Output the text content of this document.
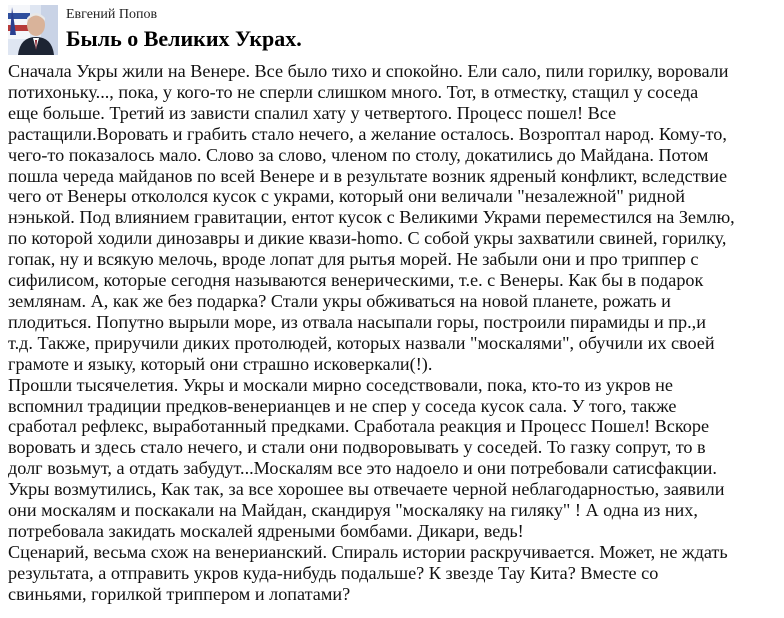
Евгений Попов
Быль о Великих Украх.
Сначала Укры жили на Венере. Все было тихо и спокойно. Ели сало, пили горилку, воровали
потихоньку..., пока, у кого-то не сперли слишком много. Тот, в отместку, стащил у соседа
еще больше. Третий из зависти спалил хату у четвертого. Процесс пошел! Все
растащили.Воровать и грабить стало нечего, а желание осталось. Возроптал народ. Кому-то,
чего-то показалось мало. Слово за слово, членом по столу, докатились до Майдана. Потом
пошла череда майданов по всей Венере и в результате возник ядреный конфликт, вследствие
чего от Венеры откололся кусок с украми, который они величали "незалежной" ридной
нэнькой. Под влиянием гравитации, ентот кусок с Великими Украми переместился на Землю,
по которой ходили динозавры и дикие квази-homo. С собой укры захватили свиней, горилку,
гопак, ну и всякую мелочь, вроде лопат для рытья морей. Не забыли они и про триппер с
сифилисом, которые сегодня называются венерическими, т.е. с Венеры. Как бы в подарок
землянам. А, как же без подарка? Стали укры обживаться на новой планете, рожать и
плодиться. Попутно вырыли море, из отвала насыпали горы, построили пирамиды и пр.,и
т.д. Также, приручили диких протолюдей, которых назвали "москалями", обучили их своей
грамоте и языку, который они страшно исковеркали(!).
Прошли тысячелетия. Укры и москали мирно соседствовали, пока, кто-то из укров не
вспомнил традиции предков-венерианцев и не спер у соседа кусок сала. У того, также
сработал рефлекс, выработанный предками. Сработала реакция и Процесс Пошел! Вскоре
воровать и здесь стало нечего, и стали они подворовывать у соседей. То газку сопрут, то в
долг возьмут, а отдать забудут...Москалям все это надоело и они потребовали сатисфакции.
Укры возмутились, Как так, за все хорошее вы отвечаете черной неблагодарностью, заявили
они москалям и поскакали на Майдан, скандируя "москаляку на гиляку" ! А одна из них,
потребовала закидать москалей ядреными бомбами. Дикари, ведь!
Сценарий, весьма схож на венерианский. Спираль истории раскручивается. Может, не ждать
результата, а отправить укров куда-нибудь подальше? К звезде Тау Кита? Вместе со
свиньями, горилкой триппером и лопатами?
